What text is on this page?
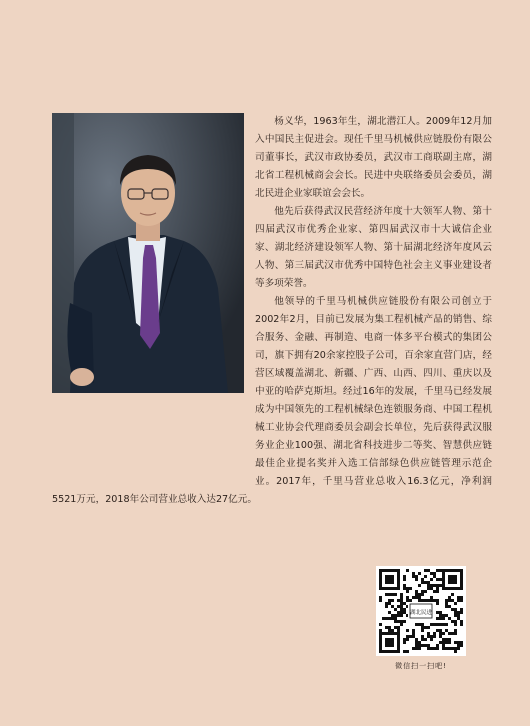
杨义华，1963年生，湖北潜江人。2009年12月加入中国民主促进会。现任千里马机械供应链股份有限公司董事长，武汉市政协委员，武汉市工商联副主席，湖北省工程机械商会会长。民进中央联络委员会委员，湖北民进企业家联谊会会长。

他先后获得武汉民营经济年度十大领军人物、第十四届武汉市优秀企业家、第四届武汉市十大诚信企业家、湖北经济建设领军人物、第十届湖北经济年度风云人物、第三届武汉市优秀中国特色社会主义事业建设者等多项荣誉。

他领导的千里马机械供应链股份有限公司创立于2002年2月，目前已发展为集工程机械产品的销售、综合服务、金融、再制造、电商一体多平台模式的集团公司，旗下拥有20余家控股子公司，百余家直营门店，经营区域覆盖湖北、新疆、广西、山西、四川、重庆以及中亚的哈萨克斯坦。经过16年的发展，千里马已经发展成为中国领先的工程机械绿色连锁服务商、中国工程机械工业协会代理商委员会副会长单位，先后获得武汉服务业企业100强、湖北省科技进步二等奖、智慧供应链最佳企业提名奖并入选工信部绿色供应链管理示范企业。2017年，千里马营业总收入16.3亿元，净利润5521万元，2018年公司营业总收入达27亿元。

湖北民进
微信扫一扫吧!
